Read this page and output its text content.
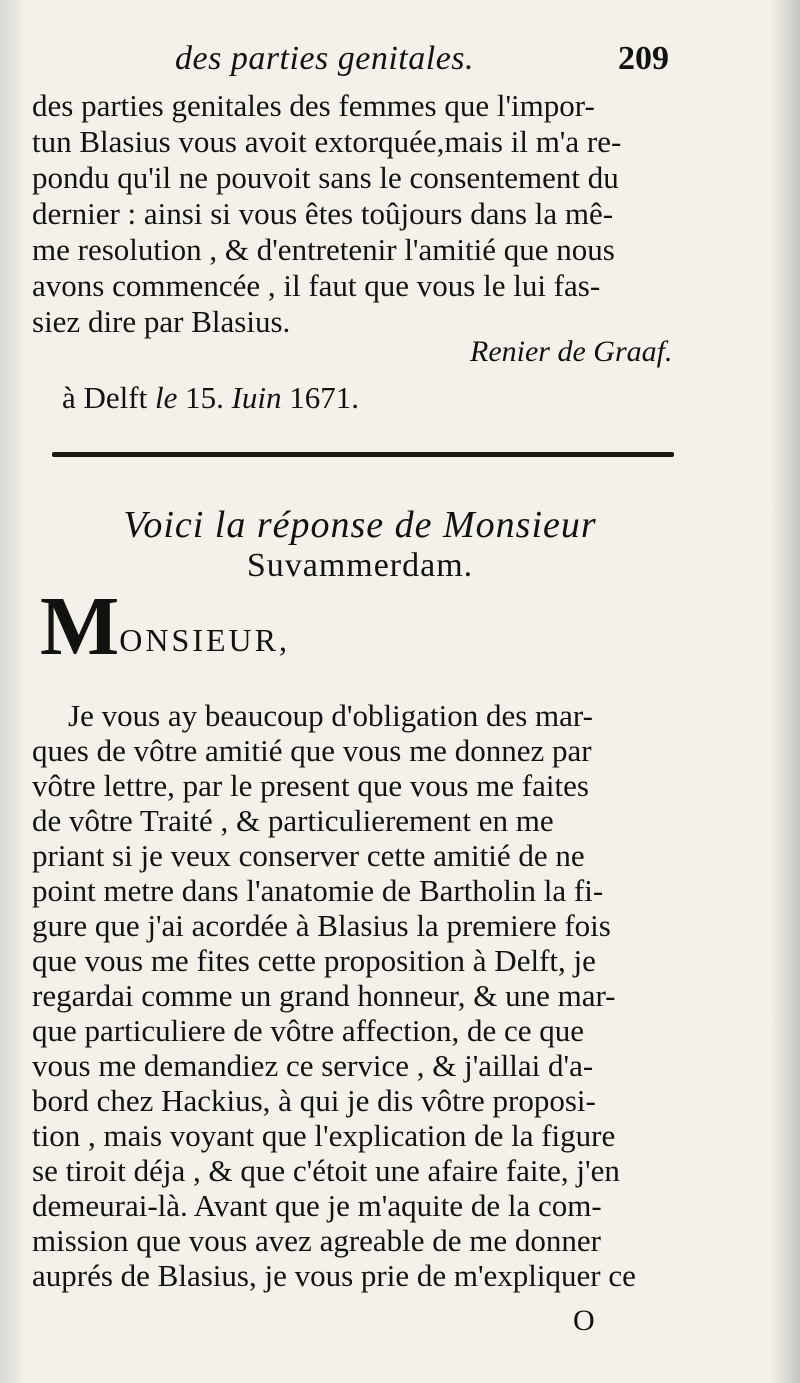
des parties genitales.	209
des parties genitales des femmes que l'impor-
tun Blasius vous avoit extorquée,mais il m'a re-
pondu qu'il ne pouvoit sans le consentement du
dernier : ainsi si vous êtes toûjours dans la mê-
me resolution , & d'entretenir l'amitié que nous
avons commencée , il faut que vous le lui fas-
siez dire par Blasius.
Renier de Graaf.
à Delft le 15. Iuin 1671.
Voici la réponse de Monsieur
Suvammerdam.
MONSIEUR,
Je vous ay beaucoup d'obligation des mar-
ques de vôtre amitié que vous me donnez par
vôtre lettre, par le present que vous me faites
de vôtre Traité , & particulierement en me
priant si je veux conserver cette amitié de ne
point metre dans l'anatomie de Bartholin la fi-
gure que j'ai acordée à Blasius la premiere fois
que vous me fites cette proposition à Delft, je
regardai comme un grand honneur, & une mar-
que particuliere de vôtre affection, de ce que
vous me demandiez ce service , & j'aillai d'a-
bord chez Hackius, à qui je dis vôtre proposi-
tion , mais voyant que l'explication de la figure
se tiroit déja , & que c'étoit une afaire faite, j'en
demeurai-là. Avant que je m'aquite de la com-
mission que vous avez agreable de me donner
auprés de Blasius, je vous prie de m'expliquer ce
O
